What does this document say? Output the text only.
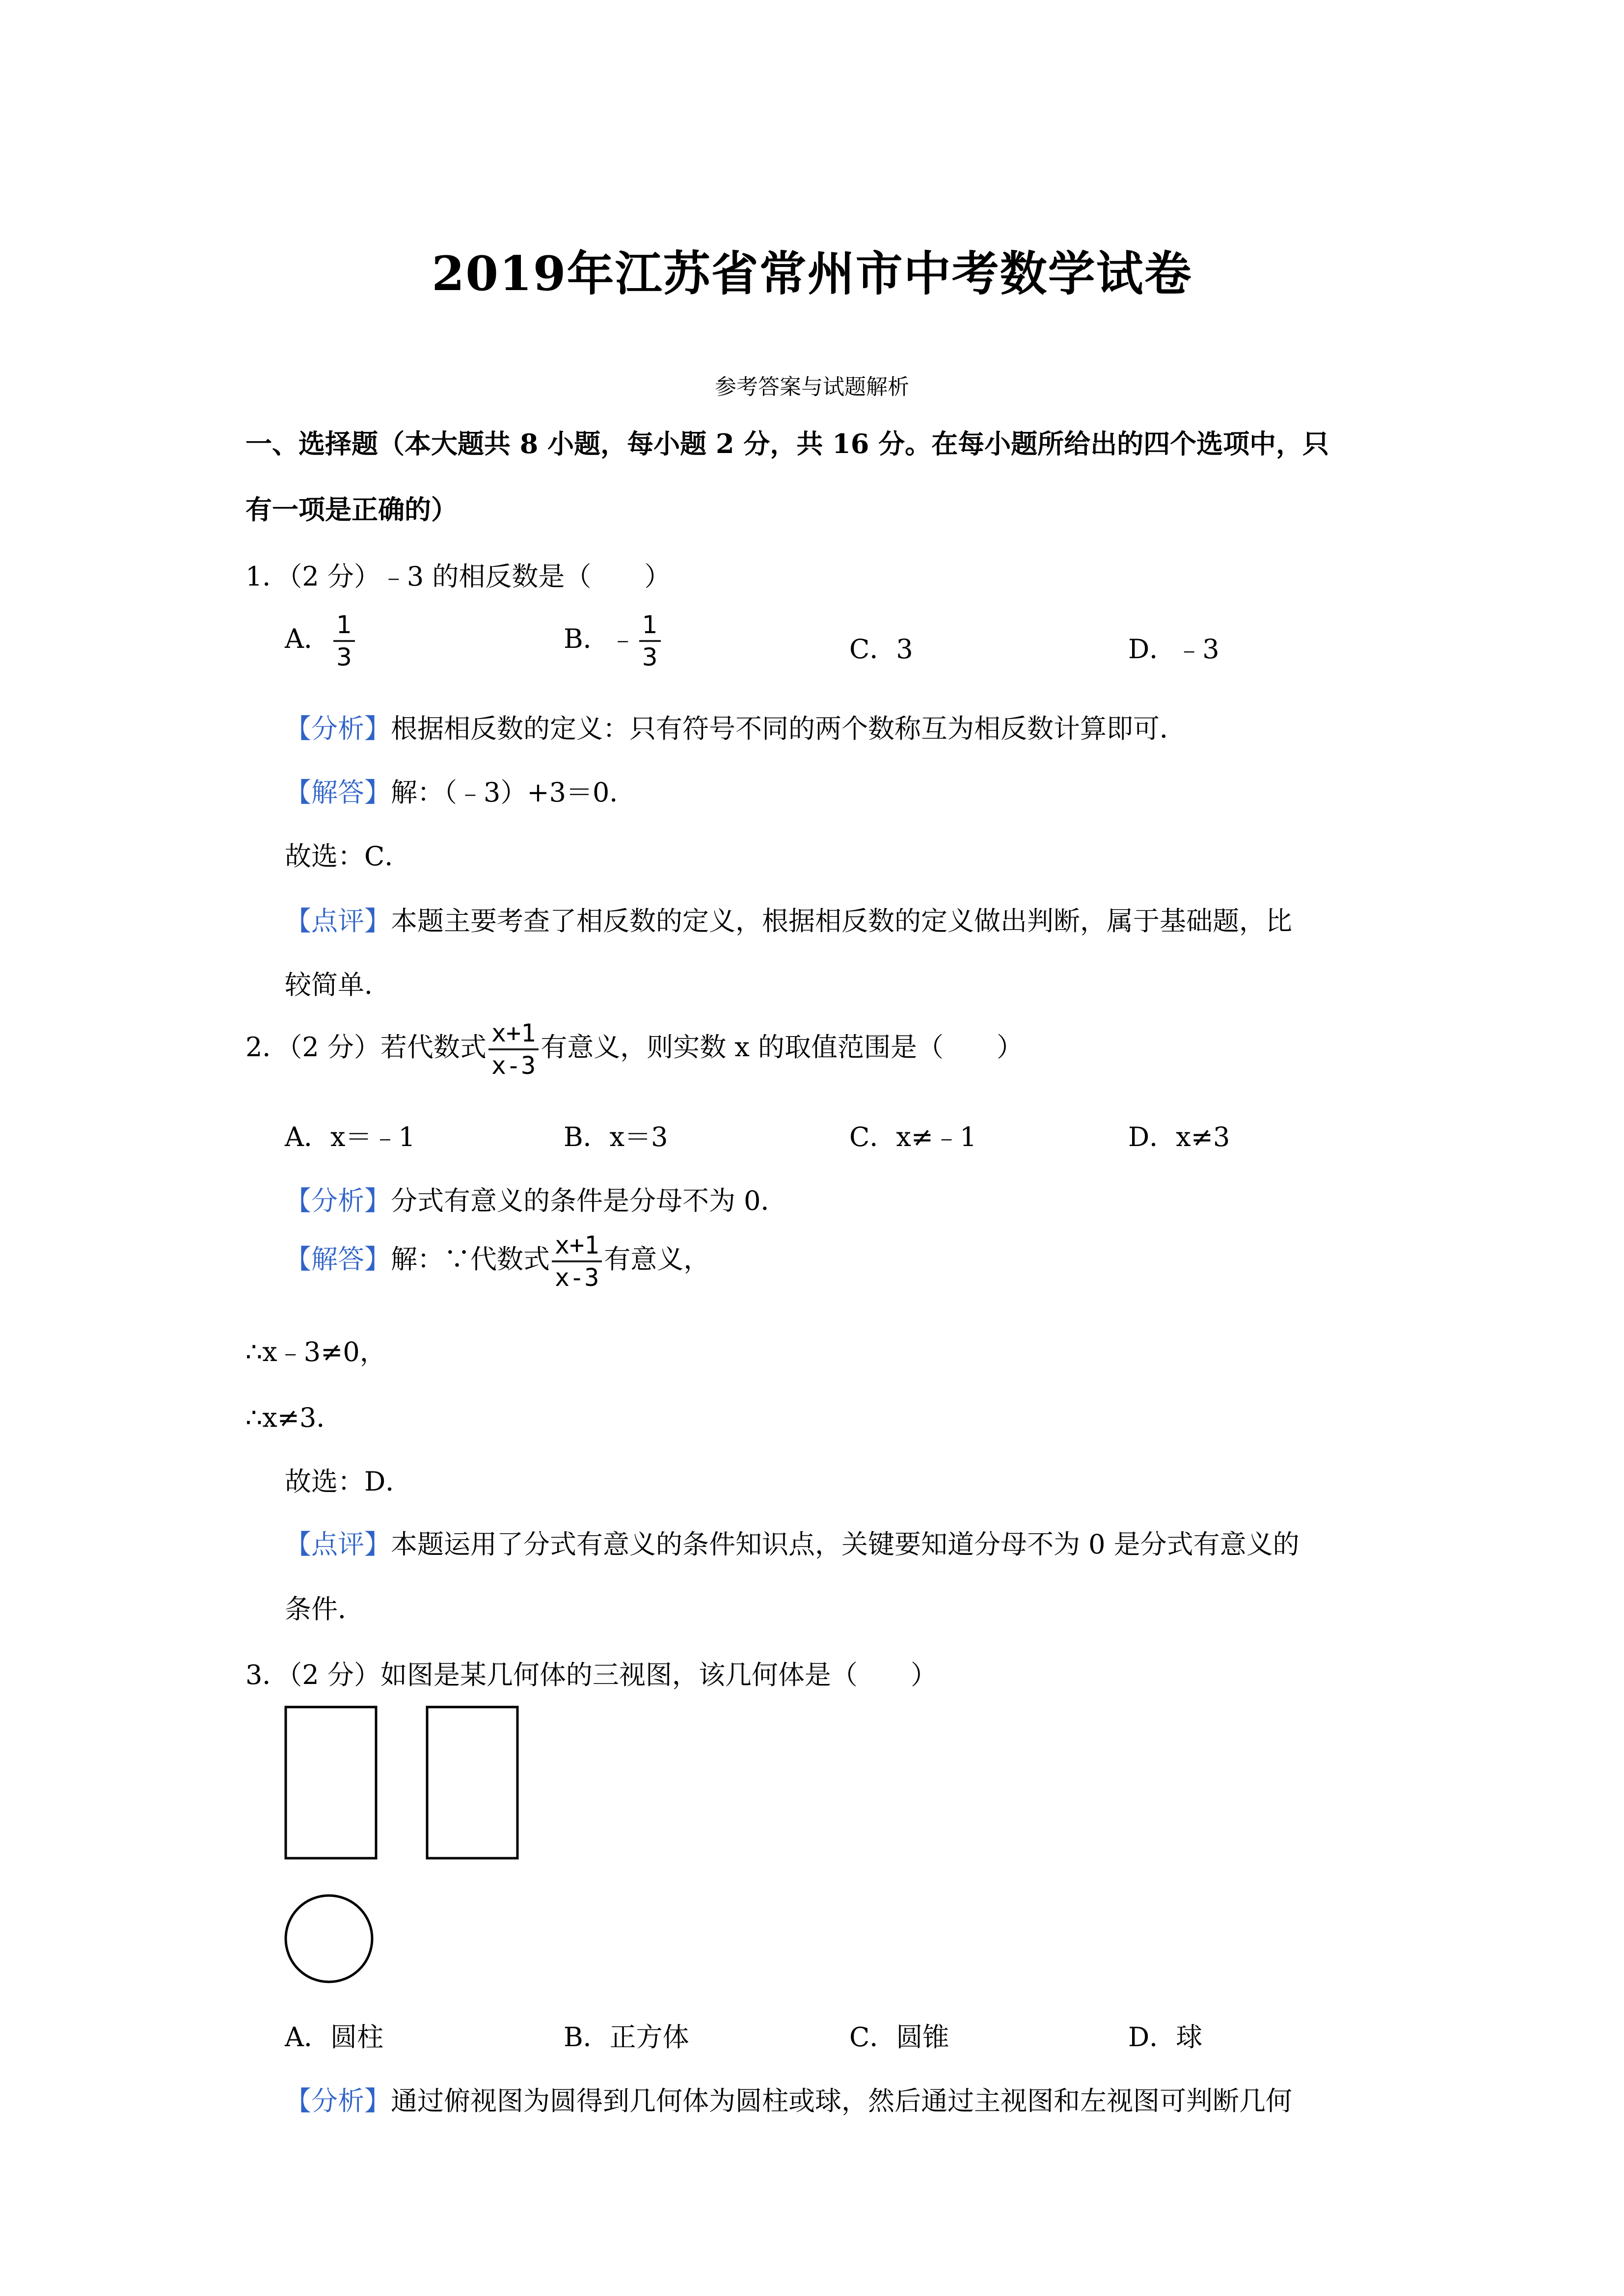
2019年江苏省常州市中考数学试卷
参考答案与试题解析
一、选择题（本大题共 8 小题，每小题 2 分，共 16 分。在每小题所给出的四个选项中，只
有一项是正确的）
1．（2 分）﹣3 的相反数是（　　）
A． $\frac{1}{3}$	B．﹣ $\frac{1}{3}$	C．3	D．﹣3
【分析】根据相反数的定义：只有符号不同的两个数称互为相反数计算即可．
【解答】解：（﹣3）+3＝0．
故选：C．
【点评】本题主要考查了相反数的定义，根据相反数的定义做出判断，属于基础题，比
较简单．
2．（2 分）若代数式 $\frac{x+1}{x-3}$ 有意义，则实数 x 的取值范围是（　　）
A．x＝﹣1	B．x＝3	C．x≠﹣1	D．x≠3
【分析】分式有意义的条件是分母不为 0．
【解答】解：∵代数式 $\frac{x+1}{x-3}$ 有意义，
∴x﹣3≠0，
∴x≠3．
故选：D．
【点评】本题运用了分式有意义的条件知识点，关键要知道分母不为 0 是分式有意义的
条件．
3．（2 分）如图是某几何体的三视图，该几何体是（　　）
A．圆柱	B．正方体	C．圆锥	D．球
【分析】通过俯视图为圆得到几何体为圆柱或球，然后通过主视图和左视图可判断几何
